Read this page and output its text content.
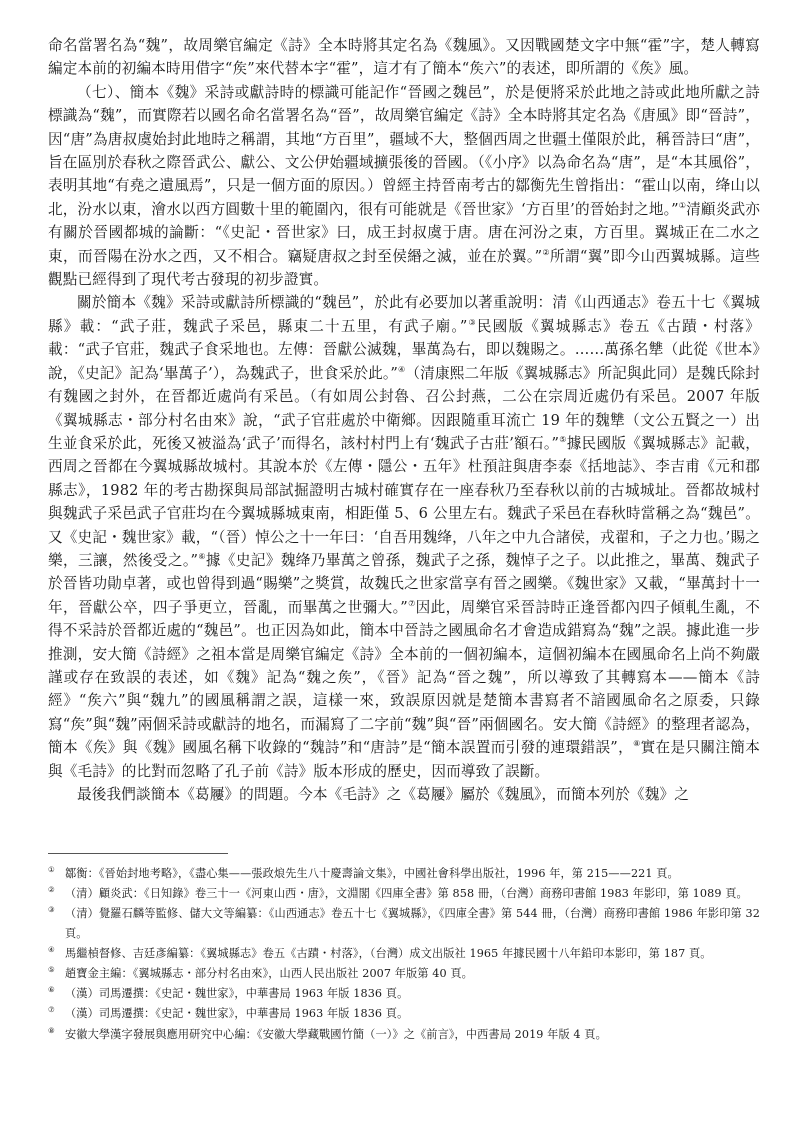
命名當署名為“魏”，故周樂官編定《詩》全本時將其定名為《魏風》。又因戰國楚文字中無“霍”字，楚人轉寫編定本前的初編本時用借字“矦”來代替本字“霍”，這才有了簡本“矦六”的表述，即所謂的《矦》風。

（七）、簡本《魏》采詩或獻詩時的標識可能記作“晉國之魏邑”，於是便將采於此地之詩或此地所獻之詩標識為“魏”，而實際若以國名命名當署名為“晉”，故周樂官編定《詩》全本時將其定名為《唐風》即“晉詩”，因“唐”為唐叔虞始封此地時之稱謂，其地“方百里”，疆域不大，整個西周之世疆土僅限於此，稱晉詩曰“唐”，旨在區別於春秋之際晉武公、獻公、文公伊始疆域擴張後的晉國。（《小序》以為命名為“唐”，是“本其風俗”，表明其地“有堯之遺風焉”，只是一個方面的原因。）曾經主持晉南考古的鄒衡先生曾指出：“霍山以南，绛山以北，汾水以東，澮水以西方圓數十里的範圍內，很有可能就是《晉世家》‘方百里’的晉始封之地。”①清顧炎武亦有關於晉國都城的論斷：“《史記・晉世家》曰，成王封叔虞于唐。唐在河汾之東，方百里。翼城正在二水之東，而晉陽在汾水之西，又不相合。竊疑唐叔之封至侯緡之滅，並在於翼。”②所謂“翼”即今山西翼城縣。這些觀點已經得到了現代考古發現的初步證實。

關於簡本《魏》采詩或獻詩所標識的“魏邑”，於此有必要加以著重說明：清《山西通志》卷五十七《翼城縣》載：“武子莊，魏武子采邑，縣東二十五里，有武子廟。”③民國版《翼城縣志》卷五《古蹟・村落》載：“武子官莊，魏武子食采地也。左傳：晉獻公滅魏，畢萬為右，即以魏賜之。……萬孫名犨（此從《世本》說，《史記》記為‘畢萬子’），為魏武子，世食采於此。”④（清康熙二年版《翼城縣志》所記與此同）是魏氏除封有魏國之封外，在晉都近處尚有采邑。（有如周公封魯、召公封燕，二公在宗周近處仍有采邑。2007 年版《翼城縣志・部分村名由來》說，“武子官莊處於中衛鄉。因跟隨重耳流亡 19 年的魏犨（文公五賢之一）出生並食采於此，死後又被溢為‘武子’而得名，該村村門上有‘魏武子古莊’額石。”⑤據民國版《翼城縣志》記載，西周之晉都在今翼城縣故城村。其說本於《左傳・隱公・五年》杜預註與唐李泰《括地誌》、李吉甫《元和郡縣志》，1982 年的考古勘探與局部試掘證明古城村確實存在一座春秋乃至春秋以前的古城城址。晉都故城村與魏武子采邑武子官莊均在今翼城縣城東南，相距僅 5、6 公里左右。魏武子采邑在春秋時當稱之為“魏邑”。又《史記・魏世家》載，“（晉）悼公之十一年曰：‘自吾用魏绛，八年之中九合諸侯，戎翟和，子之力也。’賜之樂，三讓，然後受之。”⑥據《史記》魏绛乃畢萬之曾孫，魏武子之孫，魏悼子之子。以此推之，畢萬、魏武子於晉皆功勛卓著，或也曾得到過“賜樂”之獎賞，故魏氏之世家當享有晉之國樂。《魏世家》又載，“畢萬封十一年，晉獻公卒，四子爭更立，晉亂，而畢萬之世彌大。”⑦因此，周樂官采晉詩時正逢晉都內四子傾軋生亂，不得不采詩於晉都近處的“魏邑”。也正因為如此，簡本中晉詩之國風命名才會造成錯寫為“魏”之誤。據此進一步推測，安大簡《詩經》之祖本當是周樂官編定《詩》全本前的一個初編本，這個初編本在國風命名上尚不夠嚴謹或存在致誤的表述，如《魏》記為“魏之矦”，《晉》記為“晉之魏”，所以導致了其轉寫本——簡本《詩經》“矦六”與“魏九”的國風稱謂之誤，這樣一來，致誤原因就是楚簡本書寫者不諳國風命名之原委，只錄寫“矦”與“魏”兩個采詩或獻詩的地名，而漏寫了二字前“魏”與“晉”兩個國名。安大簡《詩經》的整理者認為，簡本《矦》與《魏》國風名稱下收錄的“魏詩”和“唐詩”是“簡本誤置而引發的連環錯誤”，⑧實在是只關注簡本與《毛詩》的比對而忽略了孔子前《詩》版本形成的歷史，因而導致了誤斷。

最後我們談簡本《葛屨》的問題。今本《毛詩》之《葛屨》屬於《魏風》，而簡本列於《魏》之

① 鄒衡：《晉始封地考略》，《盡心集——張政烺先生八十慶壽論文集》，中國社會科學出版社，1996 年，第 215——221 頁。
② （清）顧炎武：《日知錄》卷三十一《河東山西・唐》，文淵閣《四庫全書》第 858 冊，（台灣）商務印書館 1983 年影印，第 1089 頁。
③ （清）覺羅石麟等監修、儲大文等編纂：《山西通志》卷五十七《翼城縣》，《四庫全書》第 544 冊，（台灣）商務印書館 1986 年影印第 32 頁。
④ 馬繼楨督修、吉廷彥編纂：《翼城縣志》卷五《古蹟・村落》，（台灣）成文出版社 1965 年據民國十八年鉛印本影印，第 187 頁。
⑤ 趙寶金主編：《翼城縣志・部分村名由來》，山西人民出版社 2007 年版第 40 頁。
⑥ （漢）司馬遷撰：《史記・魏世家》，中華書局 1963 年版 1836 頁。
⑦ （漢）司馬遷撰：《史記・魏世家》，中華書局 1963 年版 1836 頁。
⑧ 安徽大學漢字發展與應用研究中心編：《安徽大學藏戰國竹簡（一）》之《前言》，中西書局 2019 年版 4 頁。
